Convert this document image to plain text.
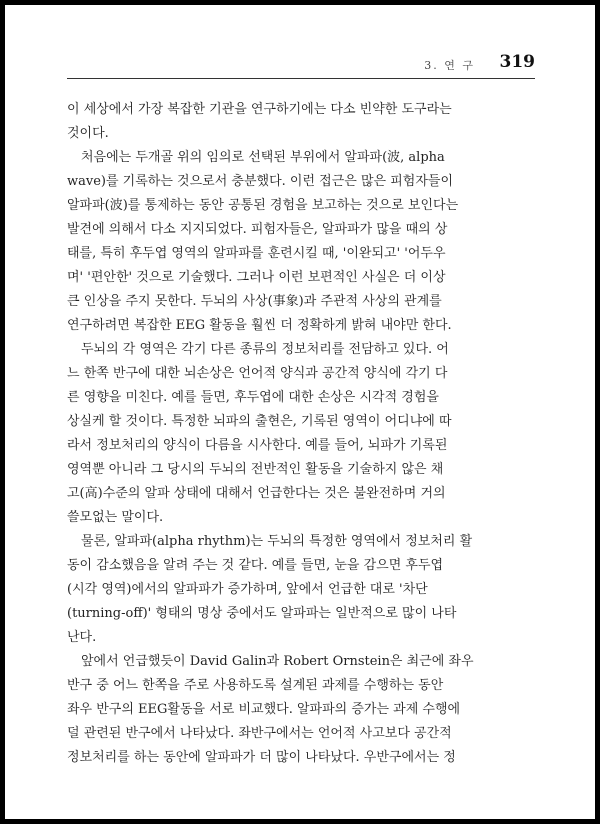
3. 연 구 319

이 세상에서 가장 복잡한 기관을 연구하기에는 다소 빈약한 도구라는
것이다.

처음에는 두개골 위의 임의로 선택된 부위에서 알파파(波, alpha
wave)를 기록하는 것으로서 충분했다. 이런 접근은 많은 피험자들이
알파파(波)를 통제하는 동안 공통된 경험을 보고하는 것으로 보인다는
발견에 의해서 다소 지지되었다. 피험자들은, 알파파가 많을 때의 상
태를, 특히 후두엽 영역의 알파파를 훈련시킬 때, '이완되고' '어두우
며' '편안한' 것으로 기술했다. 그러나 이런 보편적인 사실은 더 이상
큰 인상을 주지 못한다. 두뇌의 사상(事象)과 주관적 사상의 관계를
연구하려면 복잡한 EEG 활동을 훨씬 더 정확하게 밝혀 내야만 한다.

두뇌의 각 영역은 각기 다른 종류의 정보처리를 전담하고 있다. 어
느 한쪽 반구에 대한 뇌손상은 언어적 양식과 공간적 양식에 각기 다
른 영향을 미친다. 예를 들면, 후두엽에 대한 손상은 시각적 경험을
상실케 할 것이다. 특정한 뇌파의 출현은, 기록된 영역이 어디냐에 따
라서 정보처리의 양식이 다름을 시사한다. 예를 들어, 뇌파가 기록된
영역뿐 아니라 그 당시의 두뇌의 전반적인 활동을 기술하지 않은 채
고(高)수준의 알파 상태에 대해서 언급한다는 것은 불완전하며 거의
쓸모없는 말이다.

물론, 알파파(alpha rhythm)는 두뇌의 특정한 영역에서 정보처리 활
동이 감소했음을 알려 주는 것 같다. 예를 들면, 눈을 감으면 후두엽
(시각 영역)에서의 알파파가 증가하며, 앞에서 언급한 대로 '차단
(turning-off)' 형태의 명상 중에서도 알파파는 일반적으로 많이 나타
난다.

앞에서 언급했듯이 David Galin과 Robert Ornstein은 최근에 좌우
반구 중 어느 한쪽을 주로 사용하도록 설계된 과제를 수행하는 동안
좌우 반구의 EEG활동을 서로 비교했다. 알파파의 증가는 과제 수행에
덜 관련된 반구에서 나타났다. 좌반구에서는 언어적 사고보다 공간적
정보처리를 하는 동안에 알파파가 더 많이 나타났다. 우반구에서는 정
